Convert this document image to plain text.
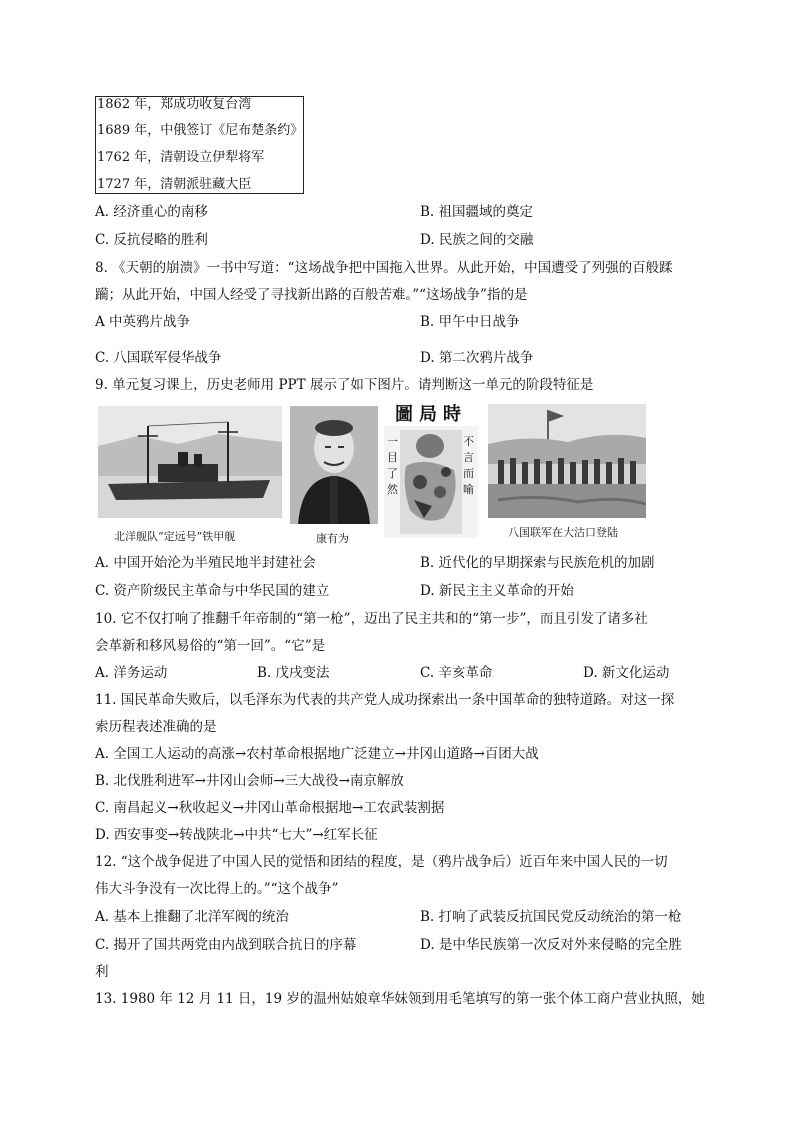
1862 年，郑成功收复台湾
1689 年，中俄签订《尼布楚条约》
1762 年，清朝设立伊犁将军
1727 年，清朝派驻藏大臣
A. 经济重心的南移	B. 祖国疆域的奠定
C. 反抗侵略的胜利	D. 民族之间的交融
8. 《天朝的崩溃》一书中写道：“这场战争把中国拖入世界。从此开始，中国遭受了列强的百般蹂
躏；从此开始，中国人经受了寻找新出路的百般苦难。”“这场战争”指的是
A 中英鸦片战争	B. 甲午中日战争
C. 八国联军侵华战争	D. 第二次鸦片战争
9. 单元复习课上，历史老师用 PPT 展示了如下图片。请判断这一单元的阶段特征是
北洋舰队“定远号”铁甲舰	康有为
圖局時
一目了然
不言而喻
八国联军在大沽口登陆
A. 中国开始沦为半殖民地半封建社会	B. 近代化的早期探索与民族危机的加剧
C. 资产阶级民主革命与中华民国的建立	D. 新民主主义革命的开始
10. 它不仅打响了推翻千年帝制的“第一枪”，迈出了民主共和的“第一步”，而且引发了诸多社
会革新和移风易俗的“第一回”。“它”是
A. 洋务运动	B. 戊戌变法	C. 辛亥革命	D. 新文化运动
11. 国民革命失败后，以毛泽东为代表的共产党人成功探索出一条中国革命的独特道路。对这一探
索历程表述准确的是
A. 全国工人运动的高涨→农村革命根据地广泛建立→井冈山道路→百团大战
B. 北伐胜利进军→井冈山会师→三大战役→南京解放
C. 南昌起义→秋收起义→井冈山革命根据地→工农武装割据
D. 西安事变→转战陕北→中共“七大”→红军长征
12. “这个战争促进了中国人民的觉悟和团结的程度，是（鸦片战争后）近百年来中国人民的一切
伟大斗争没有一次比得上的。”“这个战争”
A. 基本上推翻了北洋军阀的统治	B. 打响了武装反抗国民党反动统治的第一枪
C. 揭开了国共两党由内战到联合抗日的序幕	D. 是中华民族第一次反对外来侵略的完全胜
利
13. 1980 年 12 月 11 日，19 岁的温州姑娘章华妹领到用毛笔填写的第一张个体工商户营业执照，她
